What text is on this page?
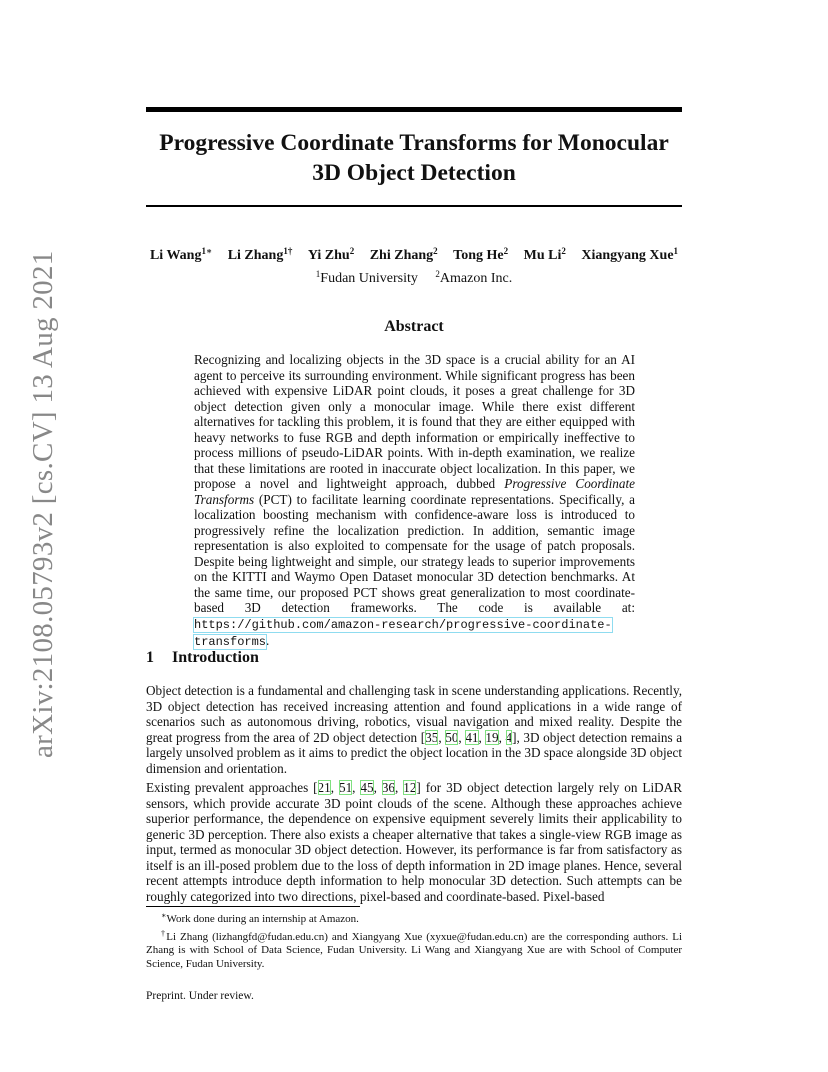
arXiv:2108.05793v2 [cs.CV] 13 Aug 2021
Progressive Coordinate Transforms for Monocular
3D Object Detection
Li Wang$^{1∗}$ Li Zhang$^{1\dagger}$ Yi Zhu$^2$ Zhi Zhang$^2$ Tong He$^2$ Mu Li$^2$ Xiangyang Xue$^1$
$^1$Fudan University $^2$Amazon Inc.
Abstract
Recognizing and localizing objects in the 3D space is a crucial ability for an AI agent to perceive its surrounding environment. While significant progress has been achieved with expensive LiDAR point clouds, it poses a great challenge for 3D object detection given only a monocular image. While there exist different alternatives for tackling this problem, it is found that they are either equipped with heavy networks to fuse RGB and depth information or empirically ineffective to process millions of pseudo-LiDAR points. With in-depth examination, we realize that these limitations are rooted in inaccurate object localization. In this paper, we propose a novel and lightweight approach, dubbed Progressive Coordinate Transforms (PCT) to facilitate learning coordinate representations. Specifically, a localization boosting mechanism with confidence-aware loss is introduced to progressively refine the localization prediction. In addition, semantic image representation is also exploited to compensate for the usage of patch proposals. Despite being lightweight and simple, our strategy leads to superior improvements on the KITTI and Waymo Open Dataset monocular 3D detection benchmarks. At the same time, our proposed PCT shows great generalization to most coordinate-based 3D detection frameworks. The code is available at: https://github.com/amazon-research/progressive-coordinate-transforms.
1 Introduction
Object detection is a fundamental and challenging task in scene understanding applications. Recently, 3D object detection has received increasing attention and found applications in a wide range of scenarios such as autonomous driving, robotics, visual navigation and mixed reality. Despite the great progress from the area of 2D object detection [35, 50, 41, 19, 4], 3D object detection remains a largely unsolved problem as it aims to predict the object location in the 3D space alongside 3D object dimension and orientation.
Existing prevalent approaches [21, 51, 45, 36, 12] for 3D object detection largely rely on LiDAR sensors, which provide accurate 3D point clouds of the scene. Although these approaches achieve superior performance, the dependence on expensive equipment severely limits their applicability to generic 3D perception. There also exists a cheaper alternative that takes a single-view RGB image as input, termed as monocular 3D object detection. However, its performance is far from satisfactory as itself is an ill-posed problem due to the loss of depth information in 2D image planes. Hence, several recent attempts introduce depth information to help monocular 3D detection. Such attempts can be roughly categorized into two directions, pixel-based and coordinate-based. Pixel-based

∗Work done during an internship at Amazon.

†Li Zhang (lizhangfd@fudan.edu.cn) and Xiangyang Xue (xyxue@fudan.edu.cn) are the corresponding authors. Li Zhang is with School of Data Science, Fudan University. Li Wang and Xiangyang Xue are with School of Computer Science, Fudan University.

Preprint. Under review.
